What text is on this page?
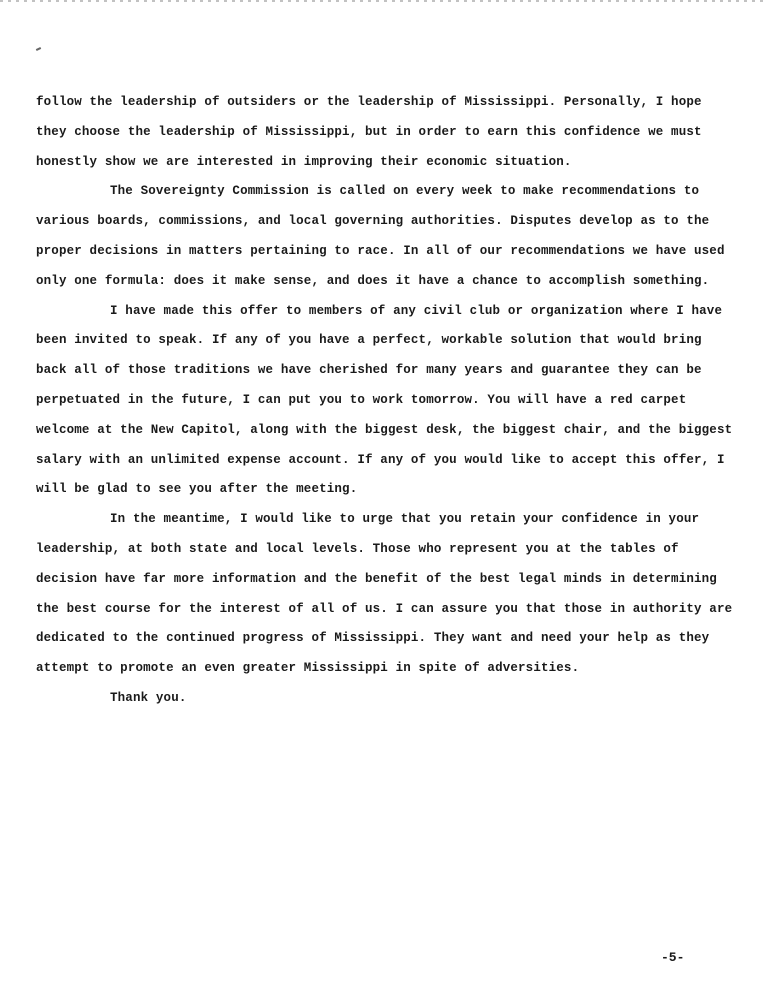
follow the leadership of outsiders or the leadership of Mississippi. Personally, I hope they choose the leadership of Mississippi, but in order to earn this confidence we must honestly show we are interested in improving their economic situation.

The Sovereignty Commission is called on every week to make recommendations to various boards, commissions, and local governing authorities. Disputes develop as to the proper decisions in matters pertaining to race. In all of our recommendations we have used only one formula: does it make sense, and does it have a chance to accomplish something.

I have made this offer to members of any civil club or organization where I have been invited to speak. If any of you have a perfect, workable solution that would bring back all of those traditions we have cherished for many years and guarantee they can be perpetuated in the future, I can put you to work tomorrow. You will have a red carpet welcome at the New Capitol, along with the biggest desk, the biggest chair, and the biggest salary with an unlimited expense account. If any of you would like to accept this offer, I will be glad to see you after the meeting.

In the meantime, I would like to urge that you retain your confidence in your leadership, at both state and local levels. Those who represent you at the tables of decision have far more information and the benefit of the best legal minds in determining the best course for the interest of all of us. I can assure you that those in authority are dedicated to the continued progress of Mississippi. They want and need your help as they attempt to promote an even greater Mississippi in spite of adversities.

Thank you.

-5-
